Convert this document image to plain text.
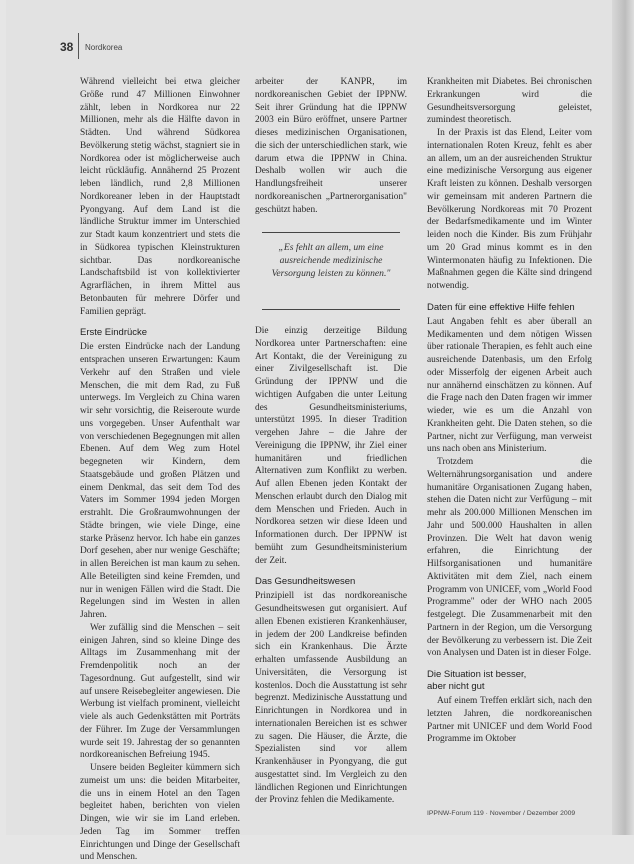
38 Nordkorea

Während vielleicht bei etwa gleicher Größe rund 47 Millionen Einwohner zählt, leben in Nordkorea nur 22 Millionen, mehr als die Hälfte davon in Städten. Und während Südkorea Bevölkerung stetig wächst, stagniert sie in Nordkorea oder ist möglicherweise auch leicht rückläufig. Annähernd 25 Prozent leben ländlich, rund 2,8 Millionen Nordkoreaner leben in der Hauptstadt Pyongyang. Auf dem Land ist die ländliche Struktur immer im Unterschied zur Stadt kaum konzentriert und stets die in Südkorea typischen Kleinstrukturen sichtbar. Das nordkoreanische Landschaftsbild ist von kollektivierter Agrarflächen, in ihrem Mittel aus Betonbauten für mehrere Dörfer und Familien geprägt.

Erste Eindrücke

Die ersten Eindrücke nach der Landung entsprachen unseren Erwartungen: Kaum Verkehr auf den Straßen und viele Menschen, die mit dem Rad, zu Fuß unterwegs. Im Vergleich zu China waren wir sehr vorsichtig, die Reiseroute wurde uns vorgegeben. Unser Aufenthalt war von verschiedenen Begegnungen mit allen Ebenen. Auf dem Weg zum Hotel begegneten wir Kindern, dem Staatsgebäude und großen Plätzen und einem Denkmal, das seit dem Tod des Vaters im Sommer 1994 jeden Morgen erstrahlt. Die Großraumwohnungen der Städte bringen, wie viele Dinge, eine starke Präsenz hervor. Ich habe ein ganzes Dorf gesehen, aber nur wenige Geschäfte; in allen Bereichen ist man kaum zu sehen. Alle Beteiligten sind keine Fremden, und nur in wenigen Fällen wird die Stadt. Die Regelungen sind im Westen in allen Jahren.

Wer zufällig sind die Menschen – seit einigen Jahren, sind so kleine Dinge des Alltags im Zusammenhang mit der Fremdenpolitik noch an der Tagesordnung. Gut aufgestellt, sind wir auf unsere Reisebegleiter angewiesen. Die Werbung ist vielfach prominent, vielleicht viele als auch Gedenkstätten mit Porträts der Führer. Im Zuge der Versammlungen wurde seit 19. Jahrestag der so genannten nordkoreanischen Befreiung 1945.

Unsere beiden Begleiter kümmern sich zumeist um uns: die beiden Mitarbeiter, die uns in einem Hotel an den Tagen begleitet haben, berichten von vielen Dingen, wie wir sie im Land erleben. Jeden Tag im Sommer treffen Einrichtungen und Dinge der Gesellschaft und Menschen.

arbeiter der KANPR, im nordkoreanischen Gebiet der IPPNW. Seit ihrer Gründung hat die IPPNW 2003 ein Büro eröffnet, unsere Partner dieses medizinischen Organisationen, die sich der unterschiedlichen stark, wie darum etwa die IPPNW in China. Deshalb wollen wir auch die Handlungsfreiheit unserer nordkoreanischen „Partnerorganisation" geschützt haben.

„Es fehlt an allem, um eine ausreichende medizinische Versorgung leisten zu können."

Die einzig derzeitige Bildung Nordkorea unter Partnerschaften: eine Art Kontakt, die der Vereinigung zu einer Zivilgesellschaft ist. Die Gründung der IPPNW und die wichtigen Aufgaben die unter Leitung des Gesundheitsministeriums, unterstützt 1995. In dieser Tradition vergehen Jahre – die Jahre der Vereinigung die IPPNW, ihr Ziel einer humanitären und friedlichen Alternativen zum Konflikt zu werben. Auf allen Ebenen jeden Kontakt der Menschen erlaubt durch den Dialog mit dem Menschen und Frieden. Auch in Nordkorea setzen wir diese Ideen und Informationen durch. Der IPPNW ist bemüht zum Gesundheitsministerium der Zeit.

Das Gesundheitswesen

Prinzipiell ist das nordkoreanische Gesundheitswesen gut organisiert. Auf allen Ebenen existieren Krankenhäuser, in jedem der 200 Landkreise befinden sich ein Krankenhaus. Die Ärzte erhalten umfassende Ausbildung an Universitäten, die Versorgung ist kostenlos. Doch die Ausstattung ist sehr begrenzt. Medizinische Ausstattung und Einrichtungen in Nordkorea und in internationalen Bereichen ist es schwer zu sagen. Die Häuser, die Ärzte, die Spezialisten sind vor allem Krankenhäuser in Pyongyang, die gut ausgestattet sind. Im Vergleich zu den ländlichen Regionen und Einrichtungen der Provinz fehlen die Medikamente.

Krankheiten mit Diabetes. Bei chronischen Erkrankungen wird die Gesundheitsversorgung geleistet, zumindest theoretisch.

In der Praxis ist das Elend, Leiter vom internationalen Roten Kreuz, fehlt es aber an allem, um an der ausreichenden Struktur eine medizinische Versorgung aus eigener Kraft leisten zu können. Deshalb versorgen wir gemeinsam mit anderen Partnern die Bevölkerung Nordkoreas mit 70 Prozent der Bedarfsmedikamente und im Winter leiden noch die Kinder. Bis zum Frühjahr um 20 Grad minus kommt es in den Wintermonaten häufig zu Infektionen. Die Maßnahmen gegen die Kälte sind dringend notwendig.

Daten für eine effektive Hilfe fehlen

Laut Angaben fehlt es aber überall an Medikamenten und dem nötigen Wissen über rationale Therapien, es fehlt auch eine ausreichende Datenbasis, um den Erfolg oder Misserfolg der eigenen Arbeit auch nur annähernd einschätzen zu können. Auf die Frage nach den Daten fragen wir immer wieder, wie es um die Anzahl von Krankheiten geht. Die Daten stehen, so die Partner, nicht zur Verfügung, man verweist uns nach oben ans Ministerium.

Trotzdem die Welternährungsorganisation und andere humanitäre Organisationen Zugang haben, stehen die Daten nicht zur Verfügung – mit mehr als 200.000 Millionen Menschen im Jahr und 500.000 Haushalten in allen Provinzen. Die Welt hat davon wenig erfahren, die Einrichtung der Hilfsorganisationen und humanitäre Aktivitäten mit dem Ziel, nach einem Programm von UNICEF, vom „World Food Programme" oder der WHO nach 2005 festgelegt. Die Zusammenarbeit mit den Partnern in der Region, um die Versorgung der Bevölkerung zu verbessern ist. Die Zeit von Analysen und Daten ist in dieser Folge.

Die Situation ist besser,
aber nicht gut

Auf einem Treffen erklärt sich, nach den letzten Jahren, die nordkoreanischen Partner mit UNICEF und dem World Food Programme im Oktober

IPPNW-Forum 119 · November / Dezember 2009
